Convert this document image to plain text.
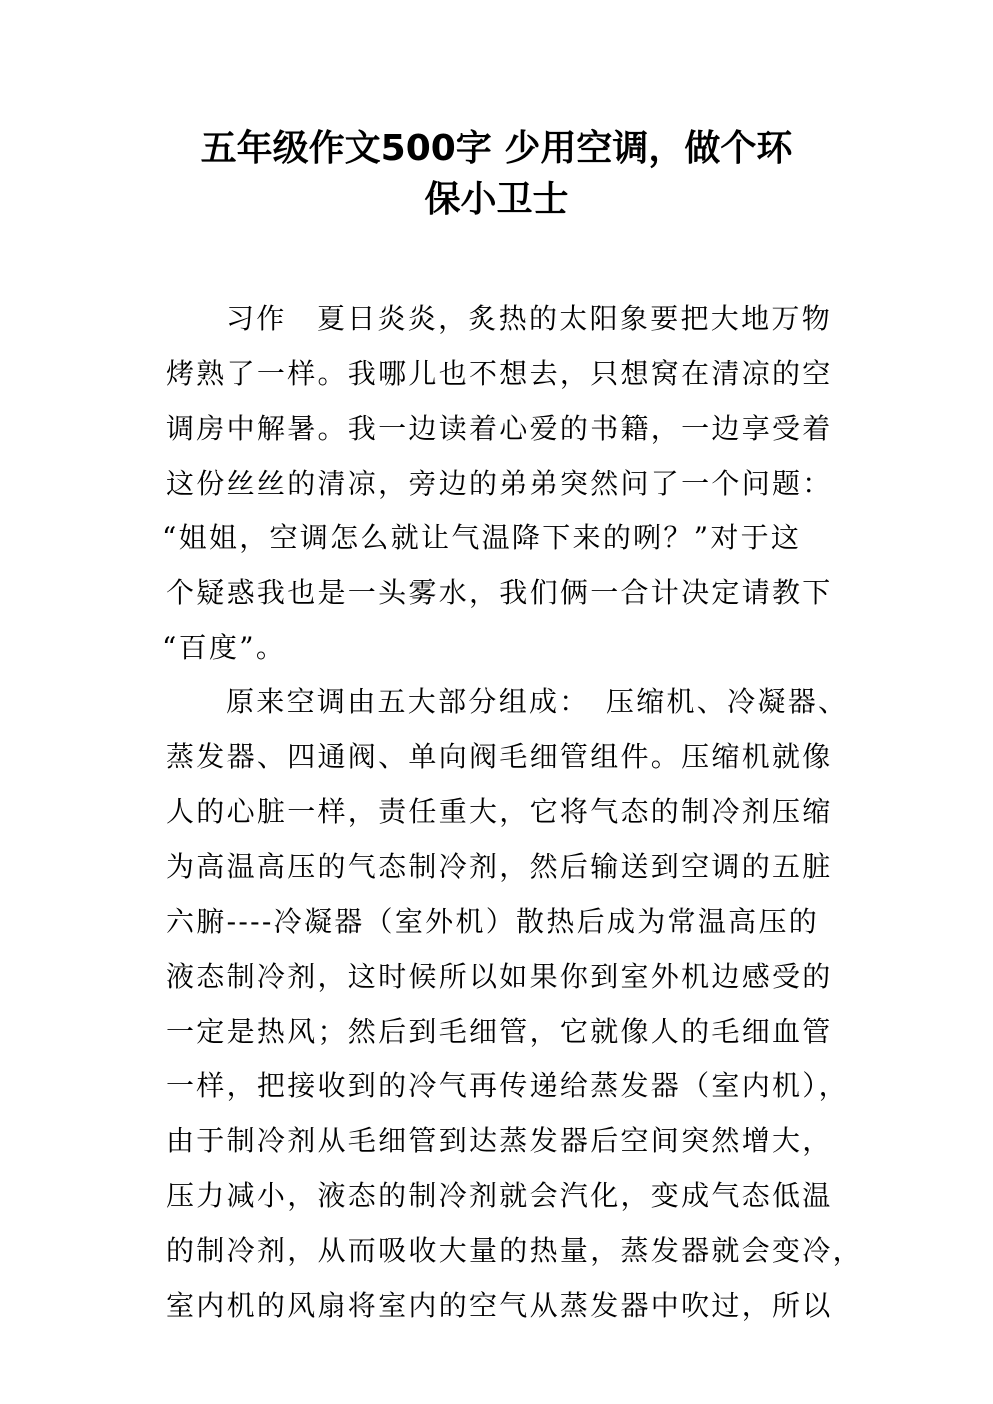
五年级作文500字 少用空调，做个环
保小卫士
习作　夏日炎炎，炙热的太阳象要把大地万物
烤熟了一样。我哪儿也不想去，只想窝在清凉的空
调房中解暑。我一边读着心爱的书籍，一边享受着
这份丝丝的清凉，旁边的弟弟突然问了一个问题：
“姐姐，空调怎么就让气温降下来的咧？”对于这
个疑惑我也是一头雾水，我们俩一合计决定请教下
“百度”。
原来空调由五大部分组成：　压缩机、冷凝器、
蒸发器、四通阀、单向阀毛细管组件。压缩机就像
人的心脏一样，责任重大，它将气态的制冷剂压缩
为高温高压的气态制冷剂，然后输送到空调的五脏
六腑----冷凝器（室外机）散热后成为常温高压的
液态制冷剂，这时候所以如果你到室外机边感受的
一定是热风；然后到毛细管，它就像人的毛细血管
一样，把接收到的冷气再传递给蒸发器（室内机），
由于制冷剂从毛细管到达蒸发器后空间突然增大，
压力减小，液态的制冷剂就会汽化，变成气态低温
的制冷剂，从而吸收大量的热量，蒸发器就会变冷，
室内机的风扇将室内的空气从蒸发器中吹过，所以
